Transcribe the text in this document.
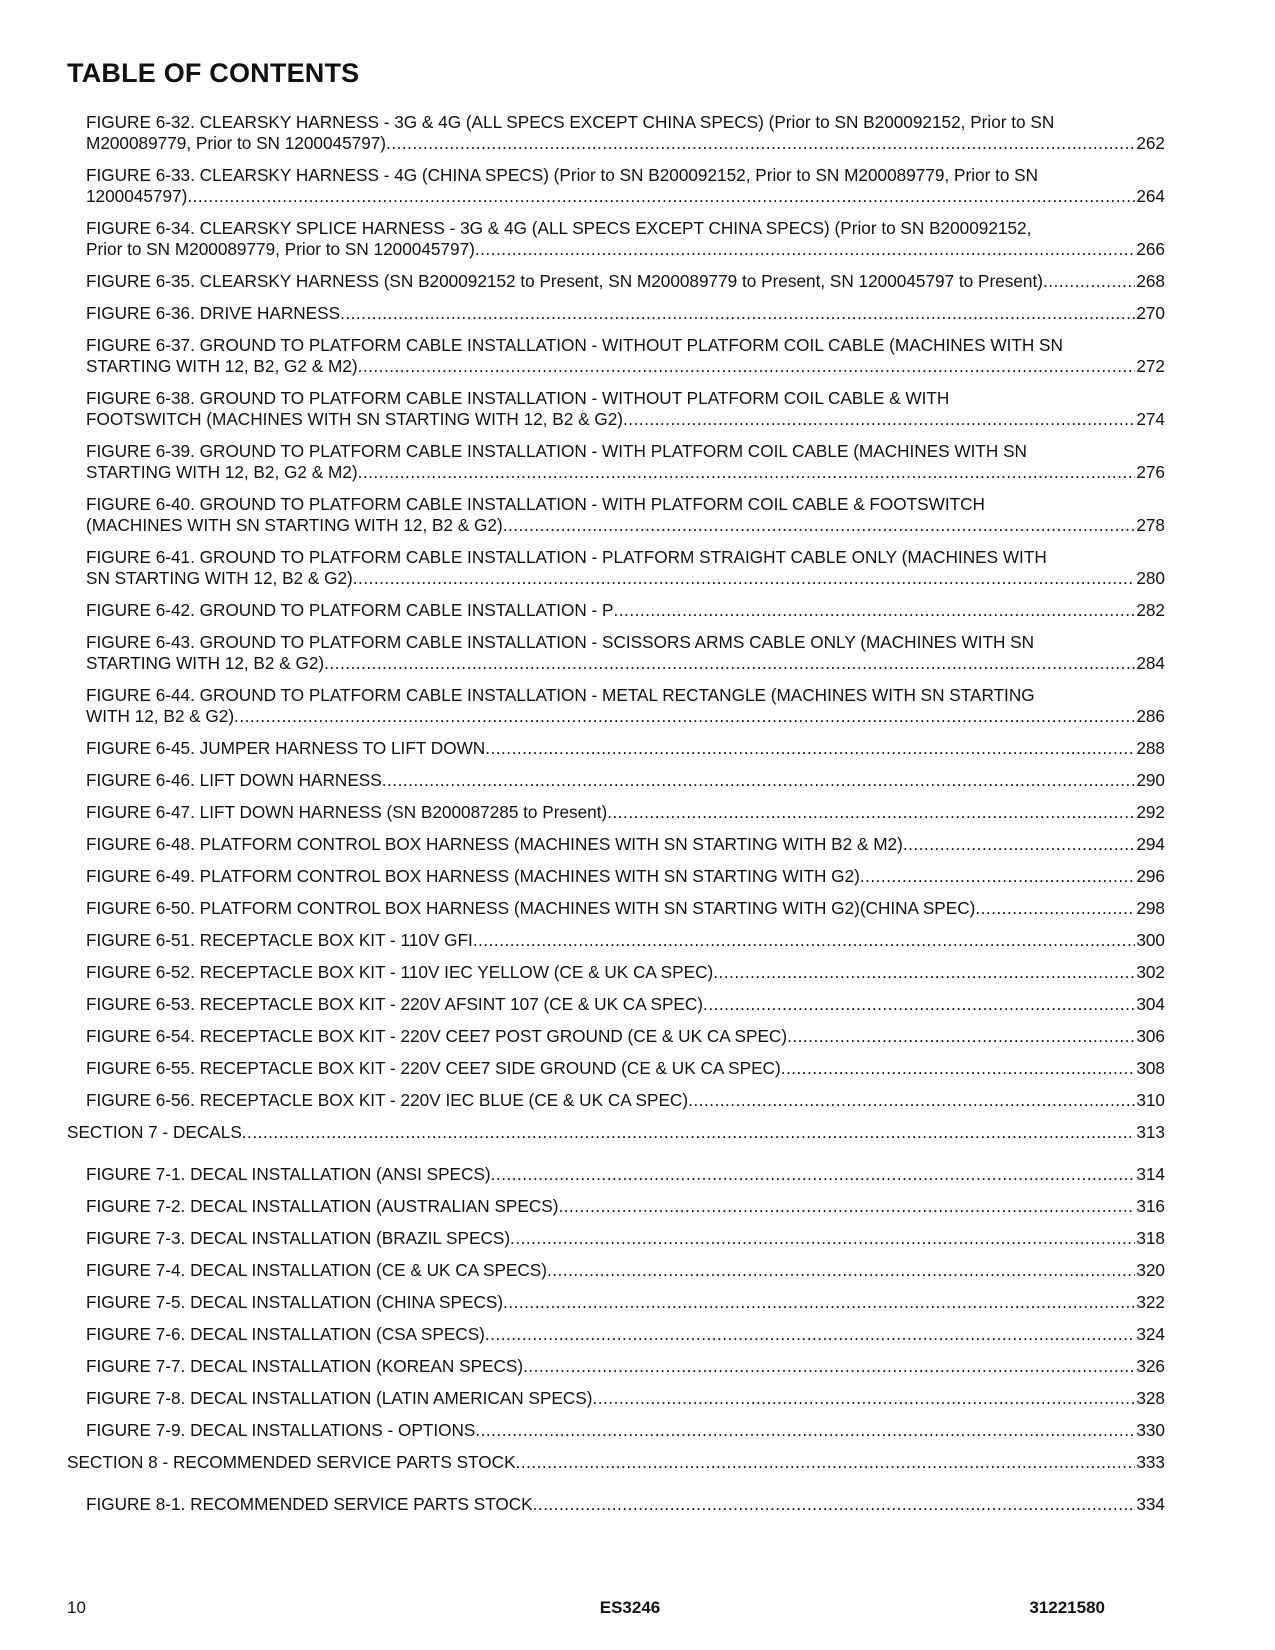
TABLE OF CONTENTS
FIGURE 6-32. CLEARSKY HARNESS - 3G & 4G (ALL SPECS EXCEPT CHINA SPECS) (Prior to SN B200092152, Prior to SN
M200089779, Prior to SN 1200045797) .....	262
FIGURE 6-33. CLEARSKY HARNESS - 4G (CHINA SPECS) (Prior to SN B200092152, Prior to SN M200089779, Prior to SN
1200045797) .....	264
FIGURE 6-34. CLEARSKY SPLICE HARNESS - 3G & 4G (ALL SPECS EXCEPT CHINA SPECS) (Prior to SN B200092152,
Prior to SN M200089779, Prior to SN 1200045797) .....	266
FIGURE 6-35. CLEARSKY HARNESS (SN B200092152 to Present, SN M200089779 to Present, SN 1200045797 to Present) .....	268
FIGURE 6-36. DRIVE HARNESS .....	270
FIGURE 6-37. GROUND TO PLATFORM CABLE INSTALLATION - WITHOUT PLATFORM COIL CABLE (MACHINES WITH SN
STARTING WITH 12, B2, G2 & M2) .....	272
FIGURE 6-38. GROUND TO PLATFORM CABLE INSTALLATION - WITHOUT PLATFORM COIL CABLE & WITH
FOOTSWITCH (MACHINES WITH SN STARTING WITH 12, B2 & G2) .....	274
FIGURE 6-39. GROUND TO PLATFORM CABLE INSTALLATION - WITH PLATFORM COIL CABLE (MACHINES WITH SN
STARTING WITH 12, B2, G2 & M2) .....	276
FIGURE 6-40. GROUND TO PLATFORM CABLE INSTALLATION - WITH PLATFORM COIL CABLE & FOOTSWITCH
(MACHINES WITH SN STARTING WITH 12, B2 & G2) .....	278
FIGURE 6-41. GROUND TO PLATFORM CABLE INSTALLATION - PLATFORM STRAIGHT CABLE ONLY (MACHINES WITH
SN STARTING WITH 12, B2 & G2) .....	280
FIGURE 6-42. GROUND TO PLATFORM CABLE INSTALLATION - P .....	282
FIGURE 6-43. GROUND TO PLATFORM CABLE INSTALLATION - SCISSORS ARMS CABLE ONLY (MACHINES WITH SN
STARTING WITH 12, B2 & G2) .....	284
FIGURE 6-44. GROUND TO PLATFORM CABLE INSTALLATION - METAL RECTANGLE (MACHINES WITH SN STARTING
WITH 12, B2 & G2) .....	286
FIGURE 6-45. JUMPER HARNESS TO LIFT DOWN .....	288
FIGURE 6-46. LIFT DOWN HARNESS .....	290
FIGURE 6-47. LIFT DOWN HARNESS (SN B200087285 to Present) .....	292
FIGURE 6-48. PLATFORM CONTROL BOX HARNESS (MACHINES WITH SN STARTING WITH B2 & M2) .....	294
FIGURE 6-49. PLATFORM CONTROL BOX HARNESS (MACHINES WITH SN STARTING WITH G2) .....	296
FIGURE 6-50. PLATFORM CONTROL BOX HARNESS (MACHINES WITH SN STARTING WITH G2)(CHINA SPEC) .....	298
FIGURE 6-51. RECEPTACLE BOX KIT - 110V GFI .....	300
FIGURE 6-52. RECEPTACLE BOX KIT - 110V IEC YELLOW (CE & UK CA SPEC) .....	302
FIGURE 6-53. RECEPTACLE BOX KIT - 220V AFSINT 107 (CE & UK CA SPEC) .....	304
FIGURE 6-54. RECEPTACLE BOX KIT - 220V CEE7 POST GROUND (CE & UK CA SPEC) .....	306
FIGURE 6-55. RECEPTACLE BOX KIT - 220V CEE7 SIDE GROUND (CE & UK CA SPEC) .....	308
FIGURE 6-56. RECEPTACLE BOX KIT - 220V IEC BLUE (CE & UK CA SPEC) .....	310
SECTION 7 - DECALS .....	313
FIGURE 7-1. DECAL INSTALLATION (ANSI SPECS) .....	314
FIGURE 7-2. DECAL INSTALLATION (AUSTRALIAN SPECS) .....	316
FIGURE 7-3. DECAL INSTALLATION (BRAZIL SPECS) .....	318
FIGURE 7-4. DECAL INSTALLATION (CE & UK CA SPECS) .....	320
FIGURE 7-5. DECAL INSTALLATION (CHINA SPECS) .....	322
FIGURE 7-6. DECAL INSTALLATION (CSA SPECS) .....	324
FIGURE 7-7. DECAL INSTALLATION (KOREAN SPECS) .....	326
FIGURE 7-8. DECAL INSTALLATION (LATIN AMERICAN SPECS) .....	328
FIGURE 7-9. DECAL INSTALLATIONS - OPTIONS .....	330
SECTION 8 - RECOMMENDED SERVICE PARTS STOCK .....	333
FIGURE 8-1. RECOMMENDED SERVICE PARTS STOCK .....	334
10	ES3246	31221580
